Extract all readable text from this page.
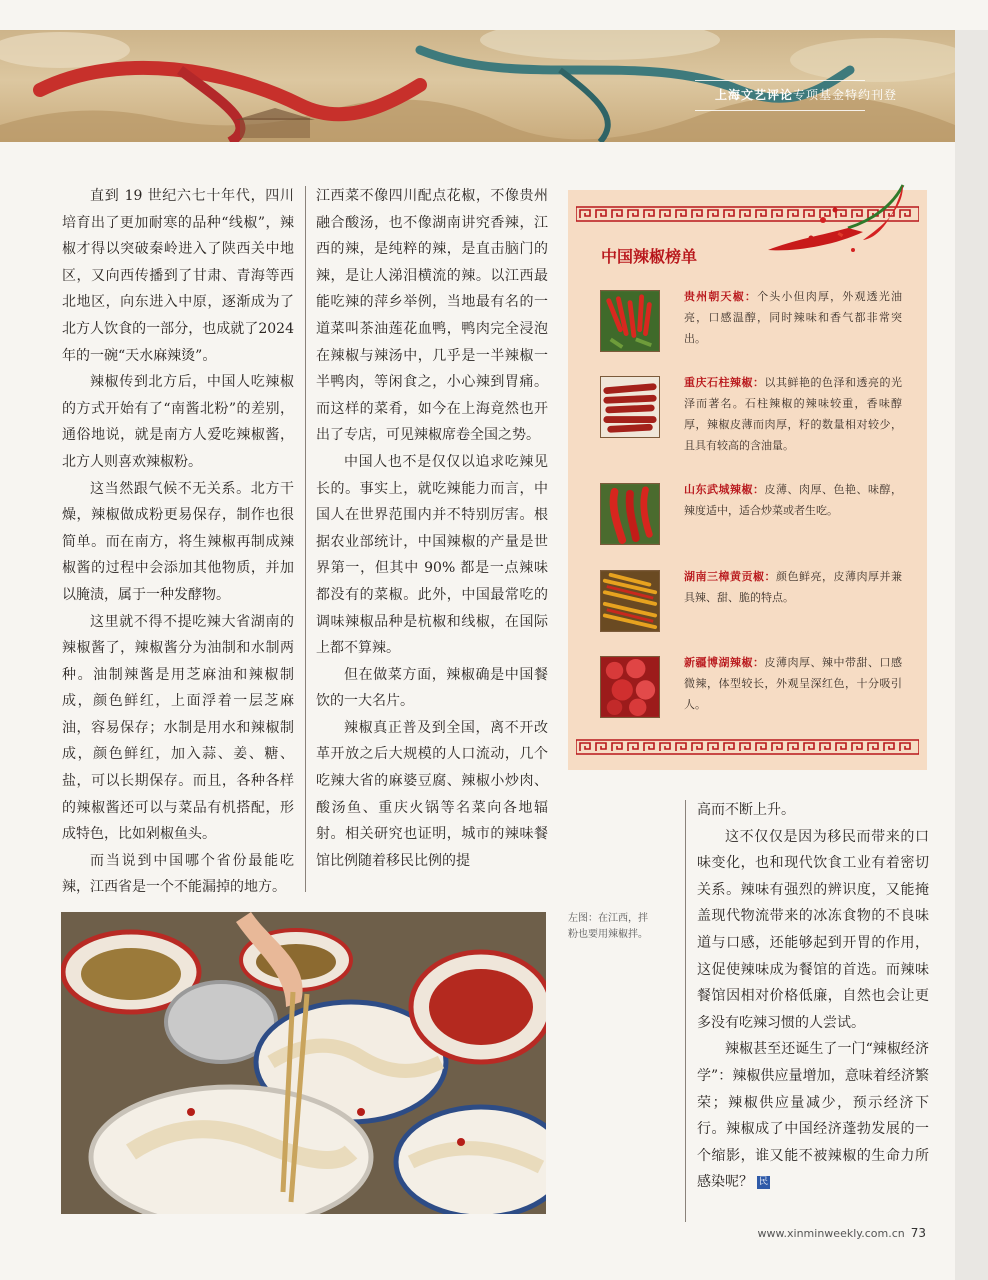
上海文艺评论专项基金特约刊登

直到 19 世纪六七十年代，四川培育出了更加耐寒的品种“线椒”，辣椒才得以突破秦岭进入了陕西关中地区，又向西传播到了甘肃、青海等西北地区，向东进入中原，逐渐成为了北方人饮食的一部分，也成就了2024年的一碗“天水麻辣烫”。

辣椒传到北方后，中国人吃辣椒的方式开始有了“南酱北粉”的差别，通俗地说，就是南方人爱吃辣椒酱，北方人则喜欢辣椒粉。

这当然跟气候不无关系。北方干燥，辣椒做成粉更易保存，制作也很简单。而在南方，将生辣椒再制成辣椒酱的过程中会添加其他物质，并加以腌渍，属于一种发酵物。

这里就不得不提吃辣大省湖南的辣椒酱了，辣椒酱分为油制和水制两种。油制辣酱是用芝麻油和辣椒制成，颜色鲜红，上面浮着一层芝麻油，容易保存；水制是用水和辣椒制成，颜色鲜红，加入蒜、姜、糖、盐，可以长期保存。而且，各种各样的辣椒酱还可以与菜品有机搭配，形成特色，比如剁椒鱼头。

而当说到中国哪个省份最能吃辣，江西省是一个不能漏掉的地方。

江西菜不像四川配点花椒，不像贵州融合酸汤，也不像湖南讲究香辣，江西的辣，是纯粹的辣，是直击脑门的辣，是让人涕泪横流的辣。以江西最能吃辣的萍乡举例，当地最有名的一道菜叫茶油莲花血鸭，鸭肉完全浸泡在辣椒与辣汤中，几乎是一半辣椒一半鸭肉，等闲食之，小心辣到胃痛。而这样的菜肴，如今在上海竟然也开出了专店，可见辣椒席卷全国之势。

中国人也不是仅仅以追求吃辣见长的。事实上，就吃辣能力而言，中国人在世界范围内并不特别厉害。根据农业部统计，中国辣椒的产量是世界第一，但其中 90% 都是一点辣味都没有的菜椒。此外，中国最常吃的调味辣椒品种是杭椒和线椒，在国际上都不算辣。

但在做菜方面，辣椒确是中国餐饮的一大名片。

辣椒真正普及到全国，离不开改革开放之后大规模的人口流动，几个吃辣大省的麻婆豆腐、辣椒小炒肉、酸汤鱼、重庆火锅等名菜向各地辐射。相关研究也证明，城市的辣味餐馆比例随着移民比例的提

中国辣椒榜单
贵州朝天椒：个头小但肉厚，外观透光油亮，口感温醇，同时辣味和香气都非常突出。
重庆石柱辣椒：以其鲜艳的色泽和透亮的光泽而著名。石柱辣椒的辣味较重，香味醇厚，辣椒皮薄而肉厚，籽的数量相对较少，且具有较高的含油量。
山东武城辣椒：皮薄、肉厚、色艳、味醇，辣度适中，适合炒菜或者生吃。
湖南三樟黄贡椒：颜色鲜亮，皮薄肉厚并兼具辣、甜、脆的特点。
新疆博湖辣椒：皮薄肉厚、辣中带甜、口感微辣，体型较长，外观呈深红色，十分吸引人。

高而不断上升。

这不仅仅是因为移民而带来的口味变化，也和现代饮食工业有着密切关系。辣味有强烈的辨识度，又能掩盖现代物流带来的冰冻食物的不良味道与口感，还能够起到开胃的作用，这促使辣味成为餐馆的首选。而辣味餐馆因相对价格低廉，自然也会让更多没有吃辣习惯的人尝试。

辣椒甚至还诞生了一门“辣椒经济学”：辣椒供应量增加，意味着经济繁荣；辣椒供应量减少，预示经济下行。辣椒成了中国经济蓬勃发展的一个缩影，谁又能不被辣椒的生命力所感染呢？ 民

左图：在江西，拌粉也要用辣椒拌。
www.xinminweekly.com.cn 73
